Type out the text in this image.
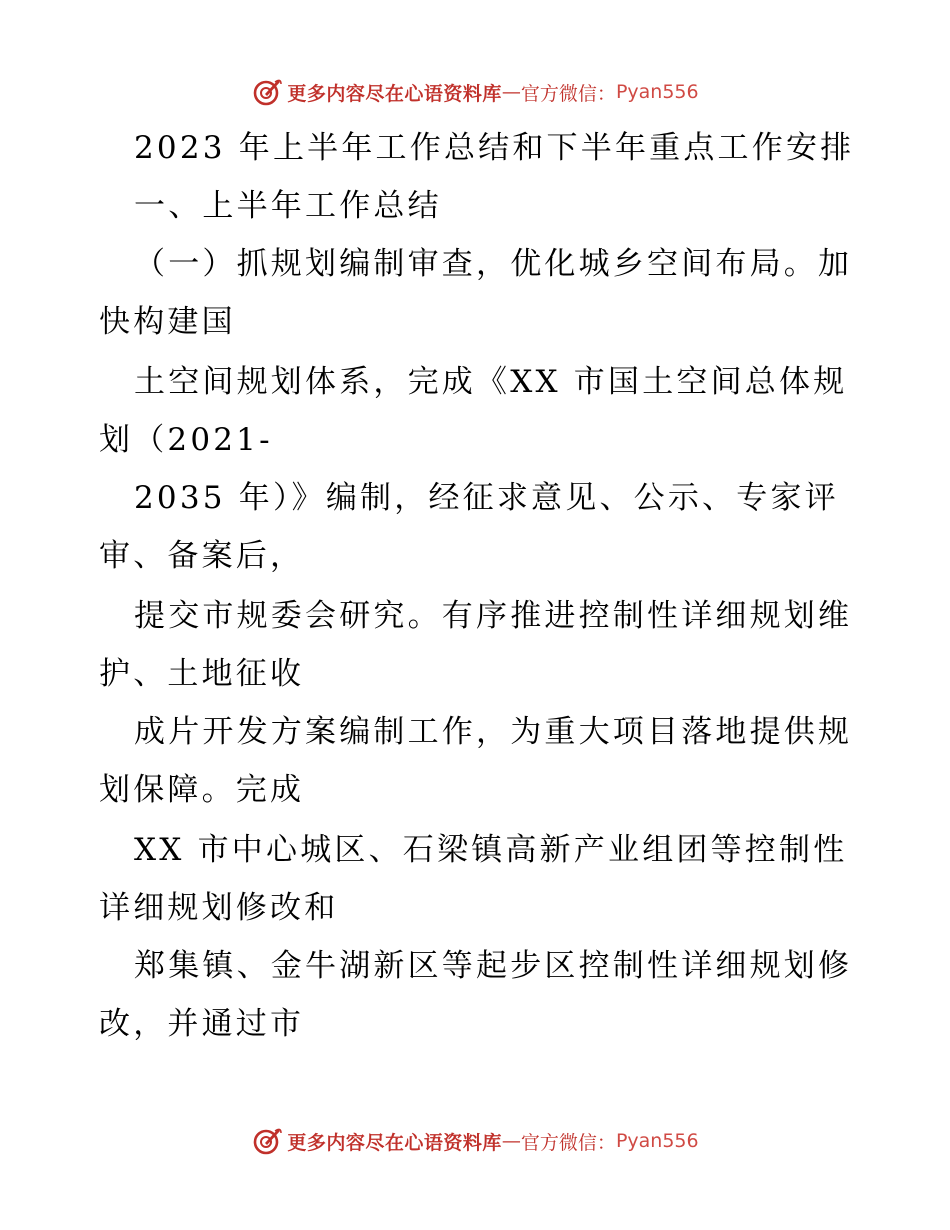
更多内容尽在心语资料库 — 官方微信： Pyan556
2023 年上半年工作总结和下半年重点工作安排
一、上半年工作总结
（一）抓规划编制审查，优化城乡空间布局。加
快构建国
土空间规划体系，完成《XX 市国土空间总体规
划（2021-
2035 年）》编制，经征求意见、公示、专家评
审、备案后，
提交市规委会研究。有序推进控制性详细规划维
护、土地征收
成片开发方案编制工作，为重大项目落地提供规
划保障。完成
XX 市中心城区、石梁镇高新产业组团等控制性
详细规划修改和
郑集镇、金牛湖新区等起步区控制性详细规划修
改，并通过市
更多内容尽在心语资料库 — 官方微信： Pyan556
